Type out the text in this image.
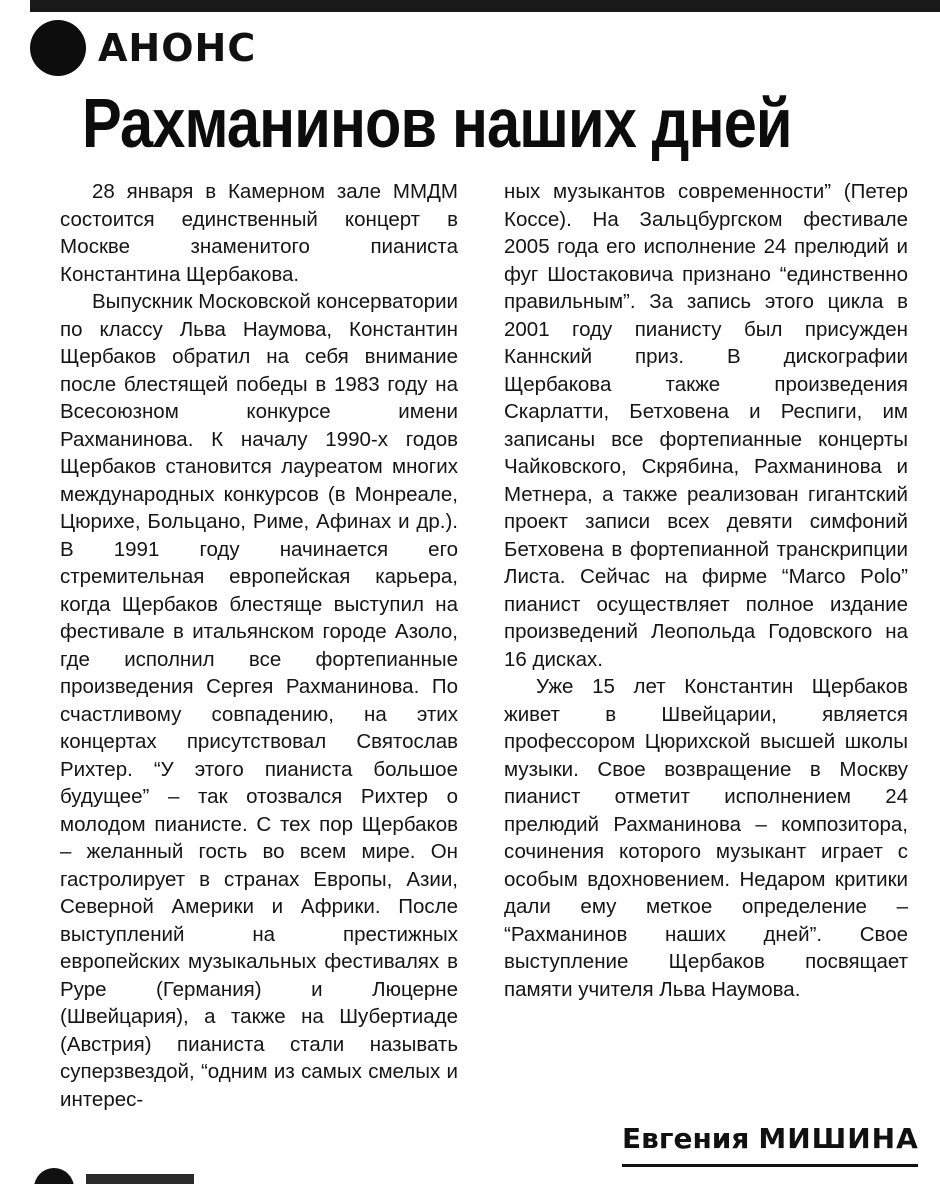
АНОНС
Рахманинов наших дней

28 января в Камерном зале ММДМ состоится единственный концерт в Москве знаменитого пианиста Константина Щербакова.

Выпускник Московской консерватории по классу Льва Наумова, Константин Щербаков обратил на себя внимание после блестящей победы в 1983 году на Всесоюзном конкурсе имени Рахманинова. К началу 1990-х годов Щербаков становится лауреатом многих международных конкурсов (в Монреале, Цюрихе, Больцано, Риме, Афинах и др.). В 1991 году начинается его стремительная европейская карьера, когда Щербаков блестяще выступил на фестивале в итальянском городе Азоло, где исполнил все фортепианные произведения Сергея Рахманинова. По счастливому совпадению, на этих концертах присутствовал Святослав Рихтер. “У этого пианиста большое будущее” – так отозвался Рихтер о молодом пианисте. С тех пор Щербаков – желанный гость во всем мире. Он гастролирует в странах Европы, Азии, Северной Америки и Африки. После выступлений на престижных европейских музыкальных фестивалях в Руре (Германия) и Люцерне (Швейцария), а также на Шубертиаде (Австрия) пианиста стали называть суперзвездой, “одним из самых смелых и интерес-

ных музыкантов современности” (Петер Коссе). На Зальцбургском фестивале 2005 года его исполнение 24 прелюдий и фуг Шостаковича признано “единственно правильным”. За запись этого цикла в 2001 году пианисту был присужден Каннский приз. В дискографии Щербакова также произведения Скарлатти, Бетховена и Респиги, им записаны все фортепианные концерты Чайковского, Скрябина, Рахманинова и Метнера, а также реализован гигантский проект записи всех девяти симфоний Бетховена в фортепианной транскрипции Листа. Сейчас на фирме “Marco Polo” пианист осуществляет полное издание произведений Леопольда Годовского на 16 дисках.

Уже 15 лет Константин Щербаков живет в Швейцарии, является профессором Цюрихской высшей школы музыки. Свое возвращение в Москву пианист отметит исполнением 24 прелюдий Рахманинова – композитора, сочинения которого музыкант играет с особым вдохновением. Недаром критики дали ему меткое определение – “Рахманинов наших дней”. Свое выступление Щербаков посвящает памяти учителя Льва Наумова.

Евгения МИШИНА
